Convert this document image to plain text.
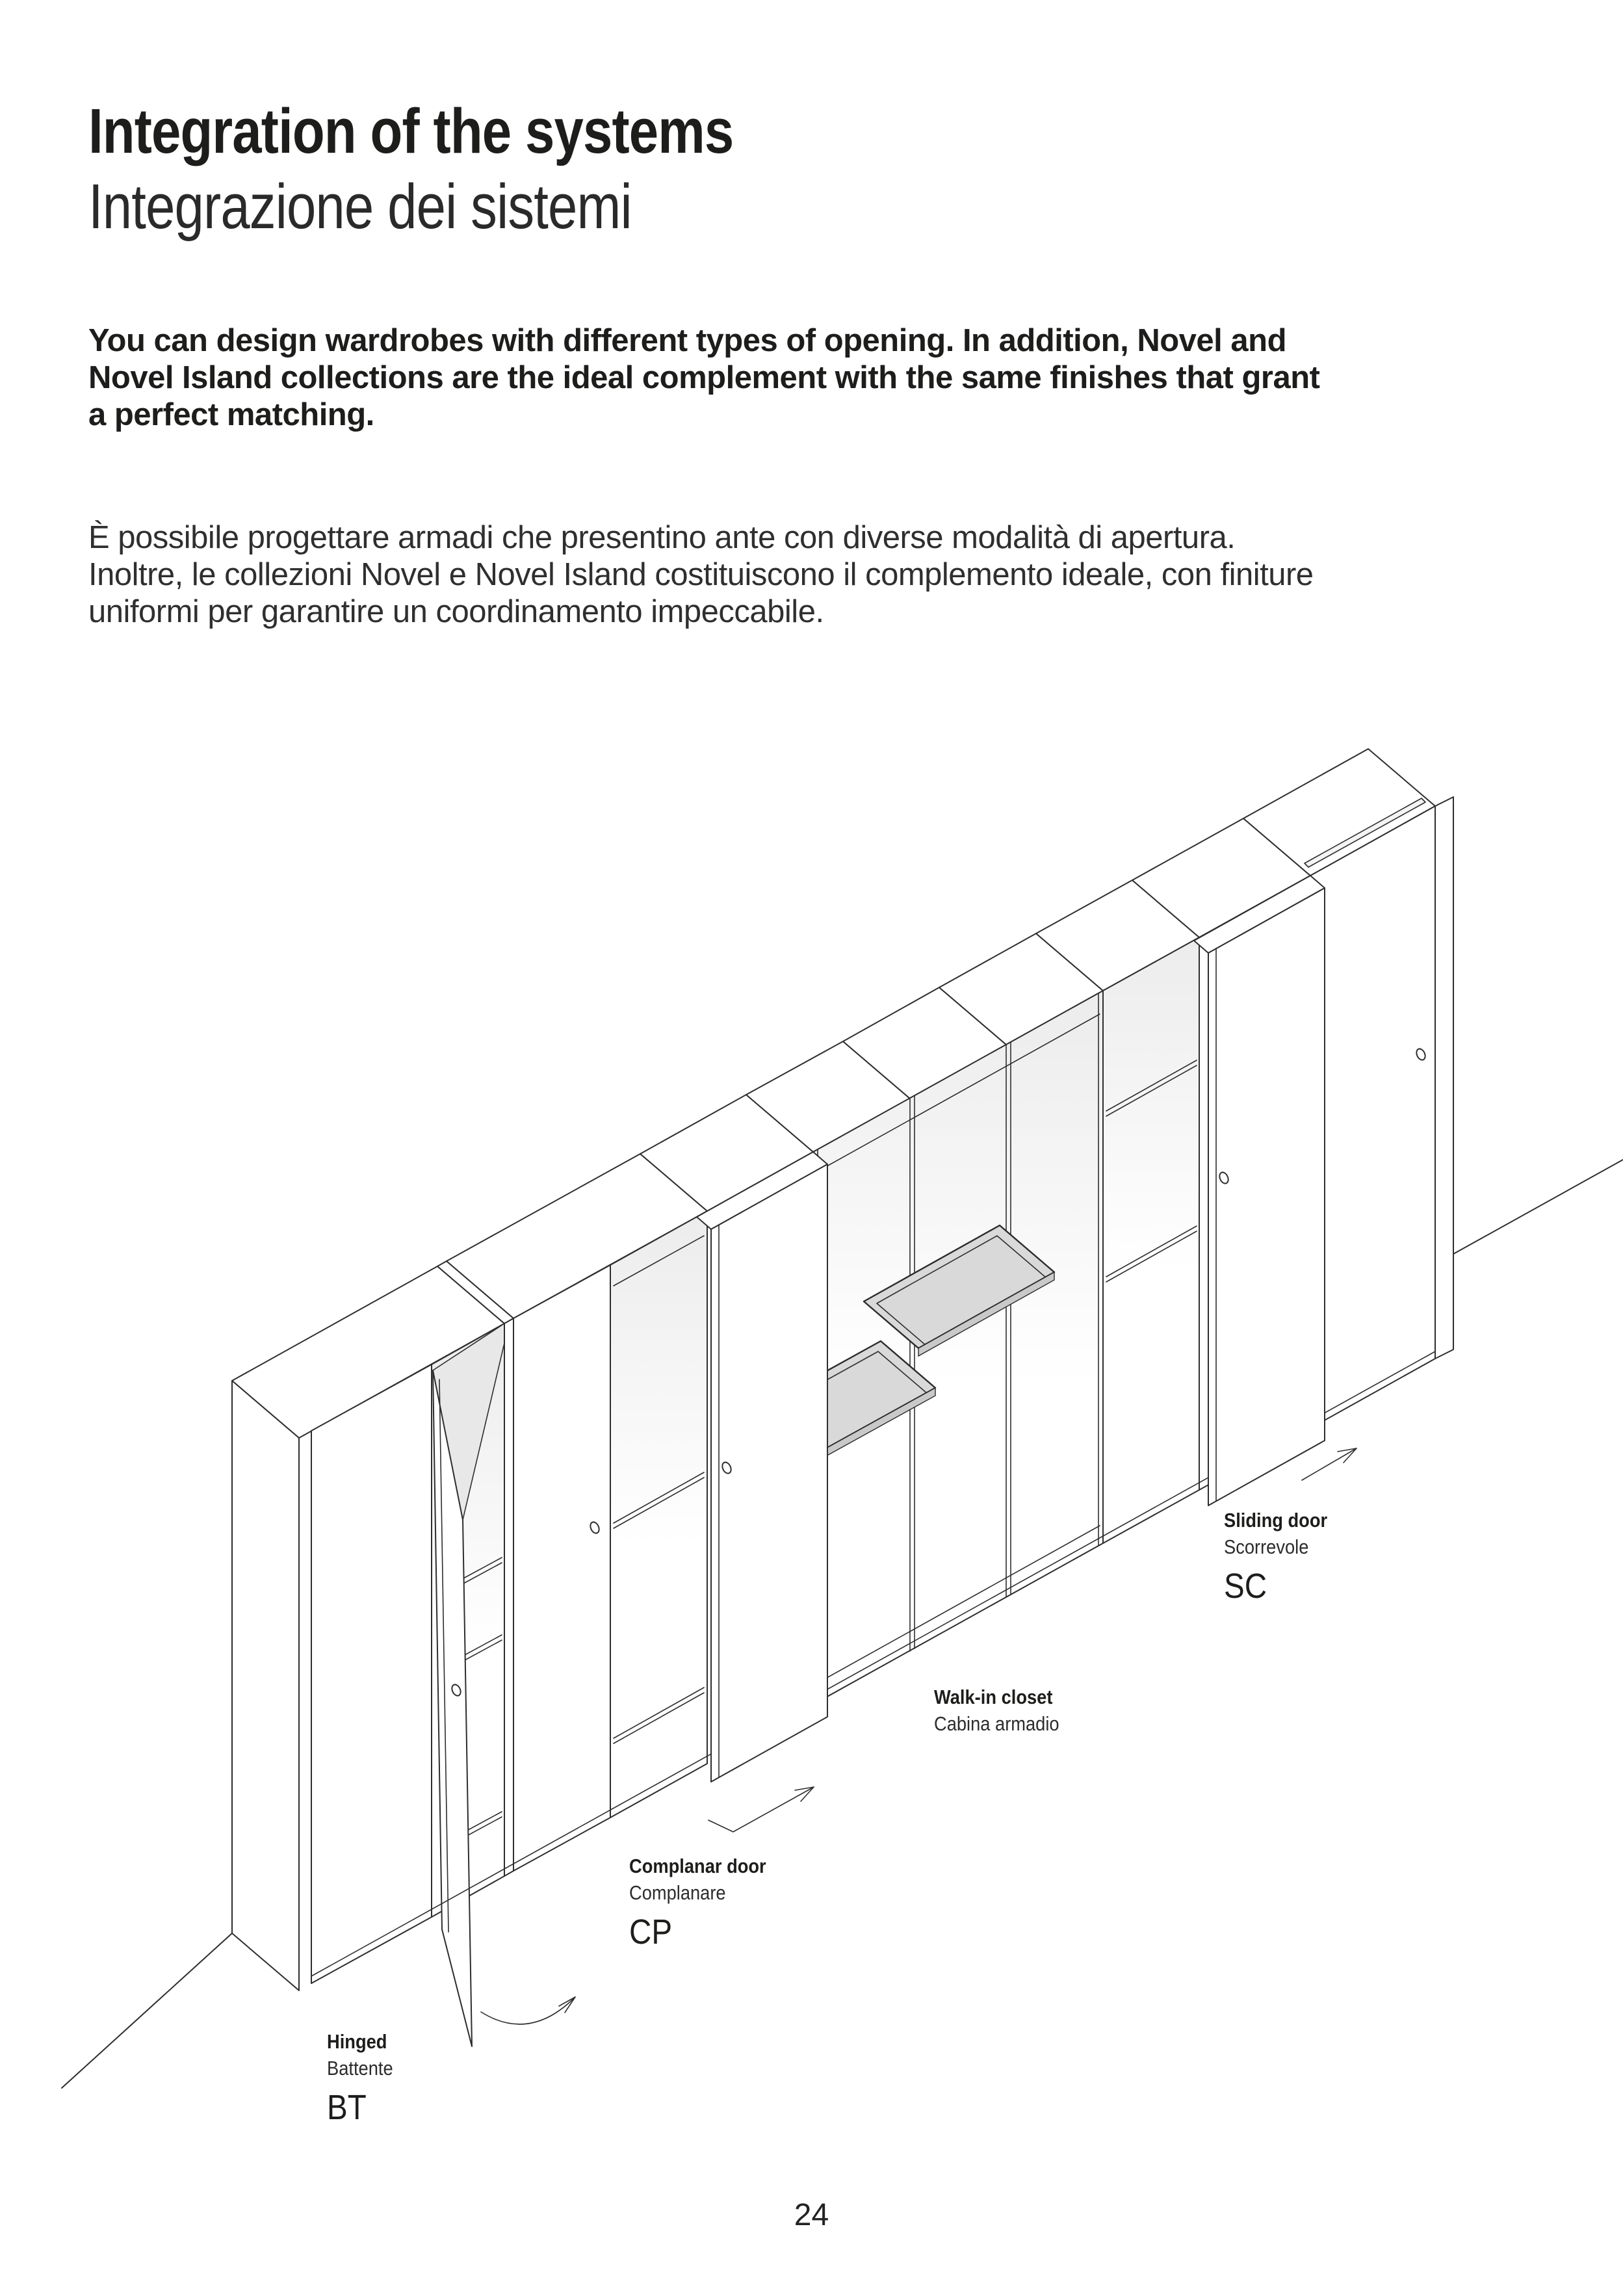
Integration of the systems
Integrazione dei sistemi
You can design wardrobes with different types of opening. In addition, Novel and
Novel Island collections are the ideal complement with the same finishes that grant
a perfect matching.
È possibile progettare armadi che presentino ante con diverse modalità di apertura.
Inoltre, le collezioni Novel e Novel Island costituiscono il complemento ideale, con finiture
uniformi per garantire un coordinamento impeccabile.
Sliding door
Scorrevole
SC
Walk-in closet
Cabina armadio
Complanar door
Complanare
CP
Hinged
Battente
BT
24
